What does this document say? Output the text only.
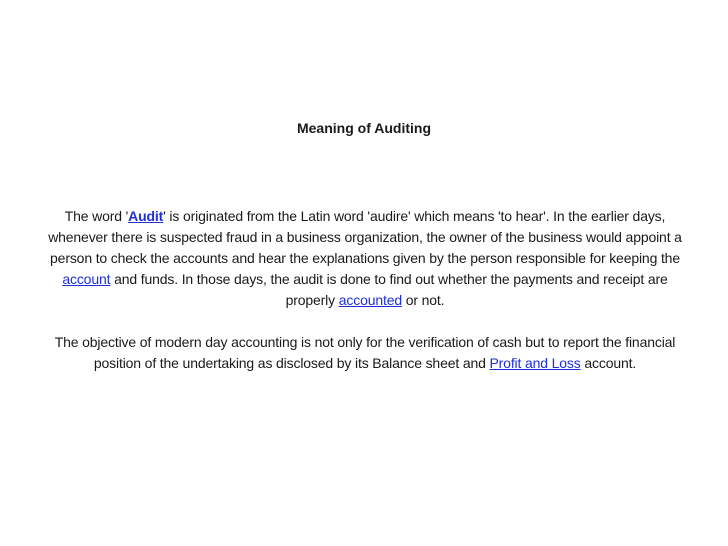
Meaning of Auditing

The word 'Audit' is originated from the Latin word 'audire' which means 'to hear'. In the earlier days, whenever there is suspected fraud in a business organization, the owner of the business would appoint a person to check the accounts and hear the explanations given by the person responsible for keeping the account and funds. In those days, the audit is done to find out whether the payments and receipt are properly accounted or not.

The objective of modern day accounting is not only for the verification of cash but to report the financial position of the undertaking as disclosed by its Balance sheet and Profit and Loss account.
